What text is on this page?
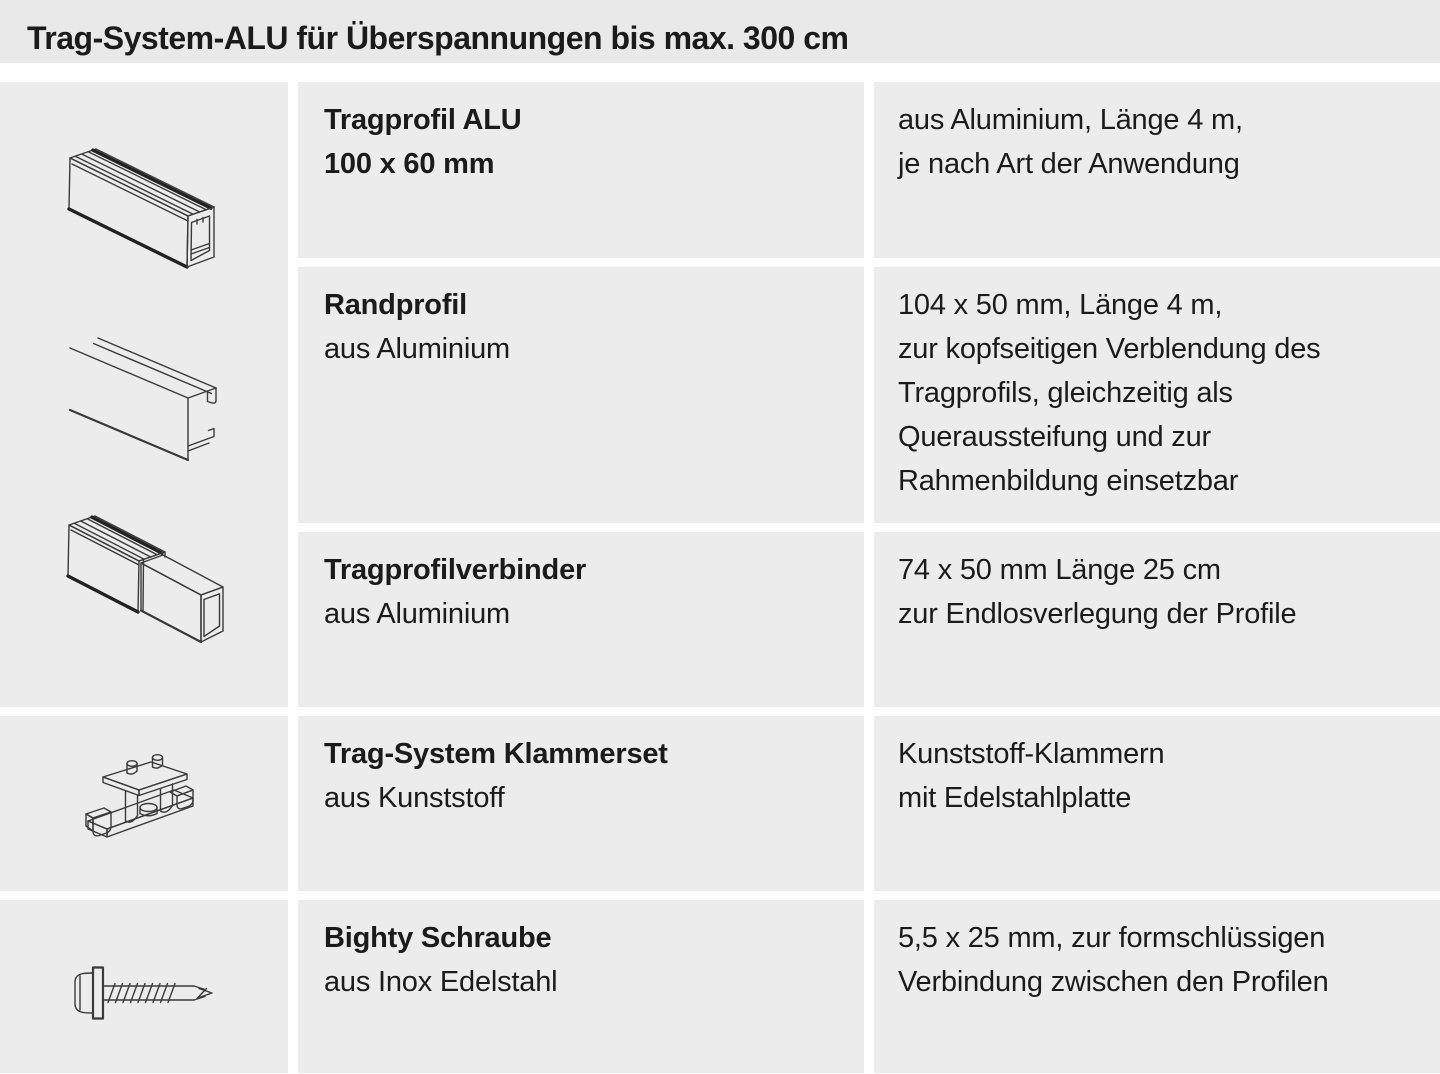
Trag-System-ALU für Überspannungen bis max. 300 cm

Tragprofil ALU

100 x 60 mm

aus Aluminium, Länge 4 m,

je nach Art der Anwendung

Randprofil

aus Aluminium

104 x 50 mm, Länge 4 m,

zur kopfseitigen Verblendung des

Tragprofils, gleichzeitig als

Queraussteifung und zur

Rahmenbildung einsetzbar

Tragprofilverbinder

aus Aluminium

74 x 50 mm Länge 25 cm

zur Endlosverlegung der Profile

Trag-System Klammerset

aus Kunststoff

Kunststoff-Klammern

mit Edelstahlplatte

Bighty Schraube

aus Inox Edelstahl

5,5 x 25 mm, zur formschlüssigen

Verbindung zwischen den Profilen
